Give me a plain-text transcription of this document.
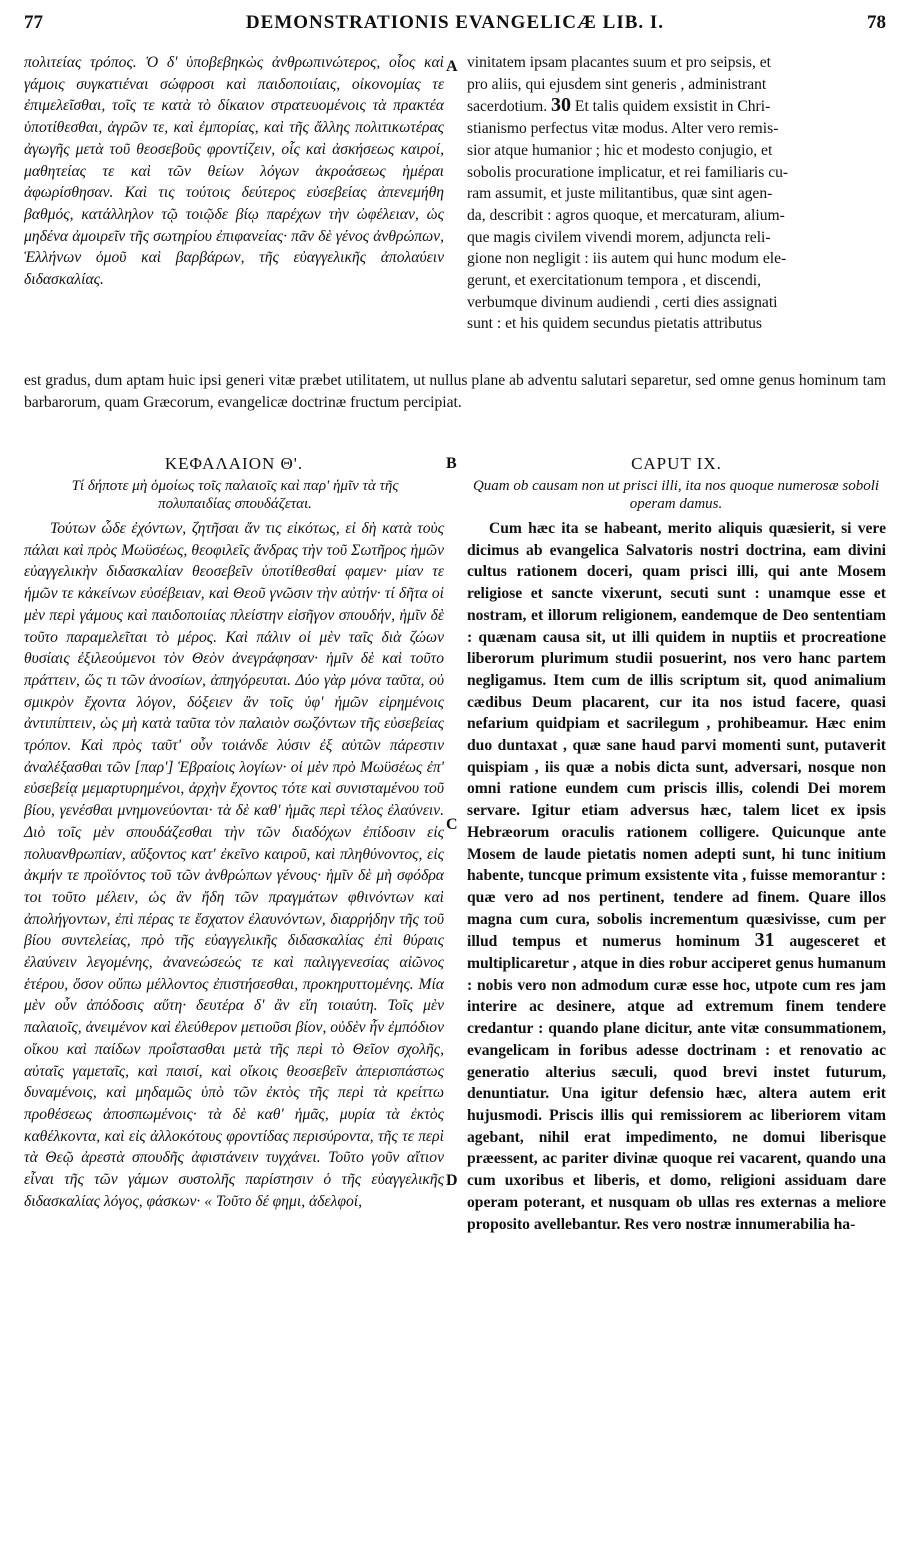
77	DEMONSTRATIONIS EVANGELICÆ LIB. I.	78

πολιτείας τρόπος. Ὁ δ' ὑποβεβηκὼς ἀνθρωπινώτερος, οἷος καὶ γάμοις συγκατιέναι σώφροσι καὶ παιδοποιίαις, οἰκονομίας τε ἐπιμελεῖσθαι, τοῖς τε κατὰ τὸ δίκαιον στρατευομένοις τὰ πρακτέα ὑποτίθεσθαι, ἀγρῶν τε, καὶ ἐμπορίας, καὶ τῆς ἄλλης πολιτικωτέρας ἀγωγῆς μετὰ τοῦ θεοσεβοῦς φροντίζειν, οἷς καὶ ἀσκήσεως καιροί, μαθητείας τε καὶ τῶν θείων λόγων ἀκροάσεως ἡμέραι ἀφωρίσθησαν. Καὶ τις τούτοις δεύτερος εὐσεβείας ἀπενεμήθη βαθμός, κατάλληλον τῷ τοιῷδε βίῳ παρέχων τὴν ὠφέλειαν, ὡς μηδένα ἀμοιρεῖν τῆς σωτηρίου ἐπιφανείας· πᾶν δὲ γένος ἀνθρώπων, Ἑλλήνων ὁμοῦ καὶ βαρβάρων, τῆς εὐαγγελικῆς ἀπολαύειν διδασκαλίας.

A vinitatem ipsam placantes suum et pro seipsis, et

pro aliis, qui ejusdem sint generis , administrant

sacerdotium. 30 Et talis quidem exsistit in Chri-

stianismo perfectus vitæ modus. Alter vero remis-

sior atque humanior ; hic et modesto conjugio, et

sobolis procuratione implicatur, et rei familiaris cu-

ram assumit, et juste militantibus, quæ sint agen-

da, describit : agros quoque, et mercaturam, alium-

que magis civilem vivendi morem, adjuncta reli-

gione non negligit : iis autem qui hunc modum ele-

gerunt, et exercitationum tempora , et discendi,

verbumque divinum audiendi , certi dies assignati

sunt : et his quidem secundus pietatis attributus

est gradus, dum aptam huic ipsi generi vitæ præbet utilitatem, ut nullus plane ab adventu salutari separetur, sed omne genus hominum tam barbarorum, quam Græcorum, evangelicæ doctrinæ fructum percipiat.
ΚΕΦΑΛΑΙΟΝ Θ'.	B	CAPUT IX.
Τί δήποτε μὴ ὁμοίως τοῖς παλαιοῖς καὶ παρ' ἡμῖν τὰ τῆς πολυπαιδίας σπουδάζεται.
Quam ob causam non ut prisci illi, ita nos quoque numerosæ soboli operam damus.

Τούτων ὧδε ἐχόντων, ζητῆσαι ἄν τις εἰκότως, εἰ δὴ κατὰ τοὺς πάλαι καὶ πρὸς Μωϋσέως, θεοφιλεῖς ἄνδρας τὴν τοῦ Σωτῆρος ἡμῶν εὐαγγελικὴν διδασκαλίαν θεοσεβεῖν ὑποτίθεσθαί φαμεν· μίαν τε ἡμῶν τε κἀκείνων εὐσέβειαν, καὶ Θεοῦ γνῶσιν τὴν αὐτήν· τί δῆτα οἱ μὲν περὶ γάμους καὶ παιδοποιίας πλείστην εἰσῆγον σπουδήν, ἡμῖν δὲ τοῦτο παραμελεῖται τὸ μέρος. Καὶ πάλιν οἱ μὲν ταῖς διὰ ζώων θυσίαις ἐξιλεούμενοι τὸν Θεὸν ἀνεγράφησαν· ἡμῖν δὲ καὶ τοῦτο πράττειν, ὥς τι τῶν ἀνοσίων, ἀπηγόρευται. Δύο γὰρ μόνα ταῦτα, οὐ σμικρὸν ἔχοντα λόγον, δόξειεν ἂν τοῖς ὑφ' ἡμῶν εἰρημένοις ἀντιπίπτειν, ὡς μὴ κατὰ ταῦτα τὸν παλαιὸν σωζόντων τῆς εὐσεβείας τρόπον. Καὶ πρὸς ταῦτ' οὖν τοιάνδε λύσιν ἐξ αὐτῶν πάρεστιν ἀναλέξασθαι τῶν [παρ'] Ἑβραίοις λογίων· οἱ μὲν πρὸ Μωϋσέως ἐπ' εὐσεβείᾳ μεμαρτυρημένοι, ἀρχὴν ἔχοντος τότε καὶ συνισταμένου τοῦ βίου, γενέσθαι μνημονεύονται· τὰ δὲ καθ' ἡμᾶς περὶ τέλος ἐλαύνειν. Διὸ τοῖς μὲν σπουδάζεσθαι τὴν τῶν διαδόχων ἐπίδοσιν εἰς πολυανθρωπίαν, αὔξοντος κατ' ἐκεῖνο καιροῦ, καὶ πληθύνοντος, εἰς ἀκμήν τε προϊόντος τοῦ τῶν ἀνθρώπων γένους· ἡμῖν δὲ μὴ σφόδρα τοι τοῦτο μέλειν, ὡς ἂν ἤδη τῶν πραγμάτων φθινόντων καὶ ἀπολήγοντων, ἐπὶ πέρας τε ἔσχατον ἐλαυνόντων, διαρρήδην τῆς τοῦ βίου συντελείας, πρὸ τῆς εὐαγγελικῆς διδασκαλίας ἐπὶ θύραις ἐλαύνειν λεγομένης, ἀνανεώσεώς τε καὶ παλιγγενεσίας αἰῶνος ἑτέρου, ὅσον οὔπω μέλλοντος ἐπιστήσεσθαι, προκηρυττομένης. Μία μὲν οὖν ἀπόδοσις αὕτη· δευτέρα δ' ἂν εἴη τοιαύτη. Τοῖς μὲν παλαιοῖς, ἀνειμένον καὶ ἐλεύθερον μετιοῦσι βίον, οὐδὲν ἦν ἐμπόδιον οἴκου καὶ παίδων προΐστασθαι μετὰ τῆς περὶ τὸ Θεῖον σχολῆς, αὐταῖς γαμεταῖς, καὶ παισί, καὶ οἴκοις θεοσεβεῖν ἀπερισπάστως δυναμένοις, καὶ μηδαμῶς ὑπὸ τῶν ἐκτὸς τῆς περὶ τὰ κρείττω προθέσεως ἀποσπωμένοις· τὰ δὲ καθ' ἡμᾶς, μυρία τὰ ἐκτὸς καθέλκοντα, καὶ εἰς ἀλλοκότους φροντίδας περισύροντα, τῆς τε περὶ τὰ Θεῷ ἀρεστὰ σπουδῆς ἀφιστάνειν τυγχάνει. Τοῦτο γοῦν αἴτιον εἶναι τῆς τῶν γάμων συστολῆς παρίστησιν ὁ τῆς εὐαγγελικῆς διδασκαλίας λόγος, φάσκων· « Τοῦτο δέ φημι, ἀδελφοί,

C
D

Cum hæc ita se habeant, merito aliquis quæsierit, si vere dicimus ab evangelica Salvatoris nostri doctrina, eam divini cultus rationem doceri, quam prisci illi, qui ante Mosem religiose et sancte vixerunt, secuti sunt : unamque esse et nostram, et illorum religionem, eandemque de Deo sententiam : quænam causa sit, ut illi quidem in nuptiis et procreatione liberorum plurimum studii posuerint, nos vero hanc partem negligamus. Item cum de illis scriptum sit, quod animalium cædibus Deum placarent, cur ita nos istud facere, quasi nefarium quidpiam et sacrilegum , prohibeamur. Hæc enim duo duntaxat , quæ sane haud parvi momenti sunt, putaverit quispiam , iis quæ a nobis dicta sunt, adversari, nosque non omni ratione eundem cum priscis illis, colendi Dei morem servare. Igitur etiam adversus hæc, talem licet ex ipsis Hebræorum oraculis rationem colligere. Quicunque ante Mosem de laude pietatis nomen adepti sunt, hi tunc initium habente, tuncque primum exsistente vita , fuisse memorantur : quæ vero ad nos pertinent, tendere ad finem. Quare illos magna cum cura, sobolis incrementum quæsivisse, cum per illud tempus et numerus hominum 31 augesceret et multiplicaretur , atque in dies robur acciperet genus humanum : nobis vero non admodum curæ esse hoc, utpote cum res jam interire ac desinere, atque ad extremum finem tendere credantur : quando plane dicitur, ante vitæ consummationem, evangelicam in foribus adesse doctrinam : et renovatio ac generatio alterius sæculi, quod brevi instet futurum, denuntiatur. Una igitur defensio hæc, altera autem erit hujusmodi. Priscis illis qui remissiorem ac liberiorem vitam agebant, nihil erat impedimento, ne domui liberisque præessent, ac pariter divinæ quoque rei vacarent, quando una cum uxoribus et liberis, et domo, religioni assiduam dare operam poterant, et nusquam ob ullas res externas a meliore proposito avellebantur. Res vero nostræ innumerabilia ha-
